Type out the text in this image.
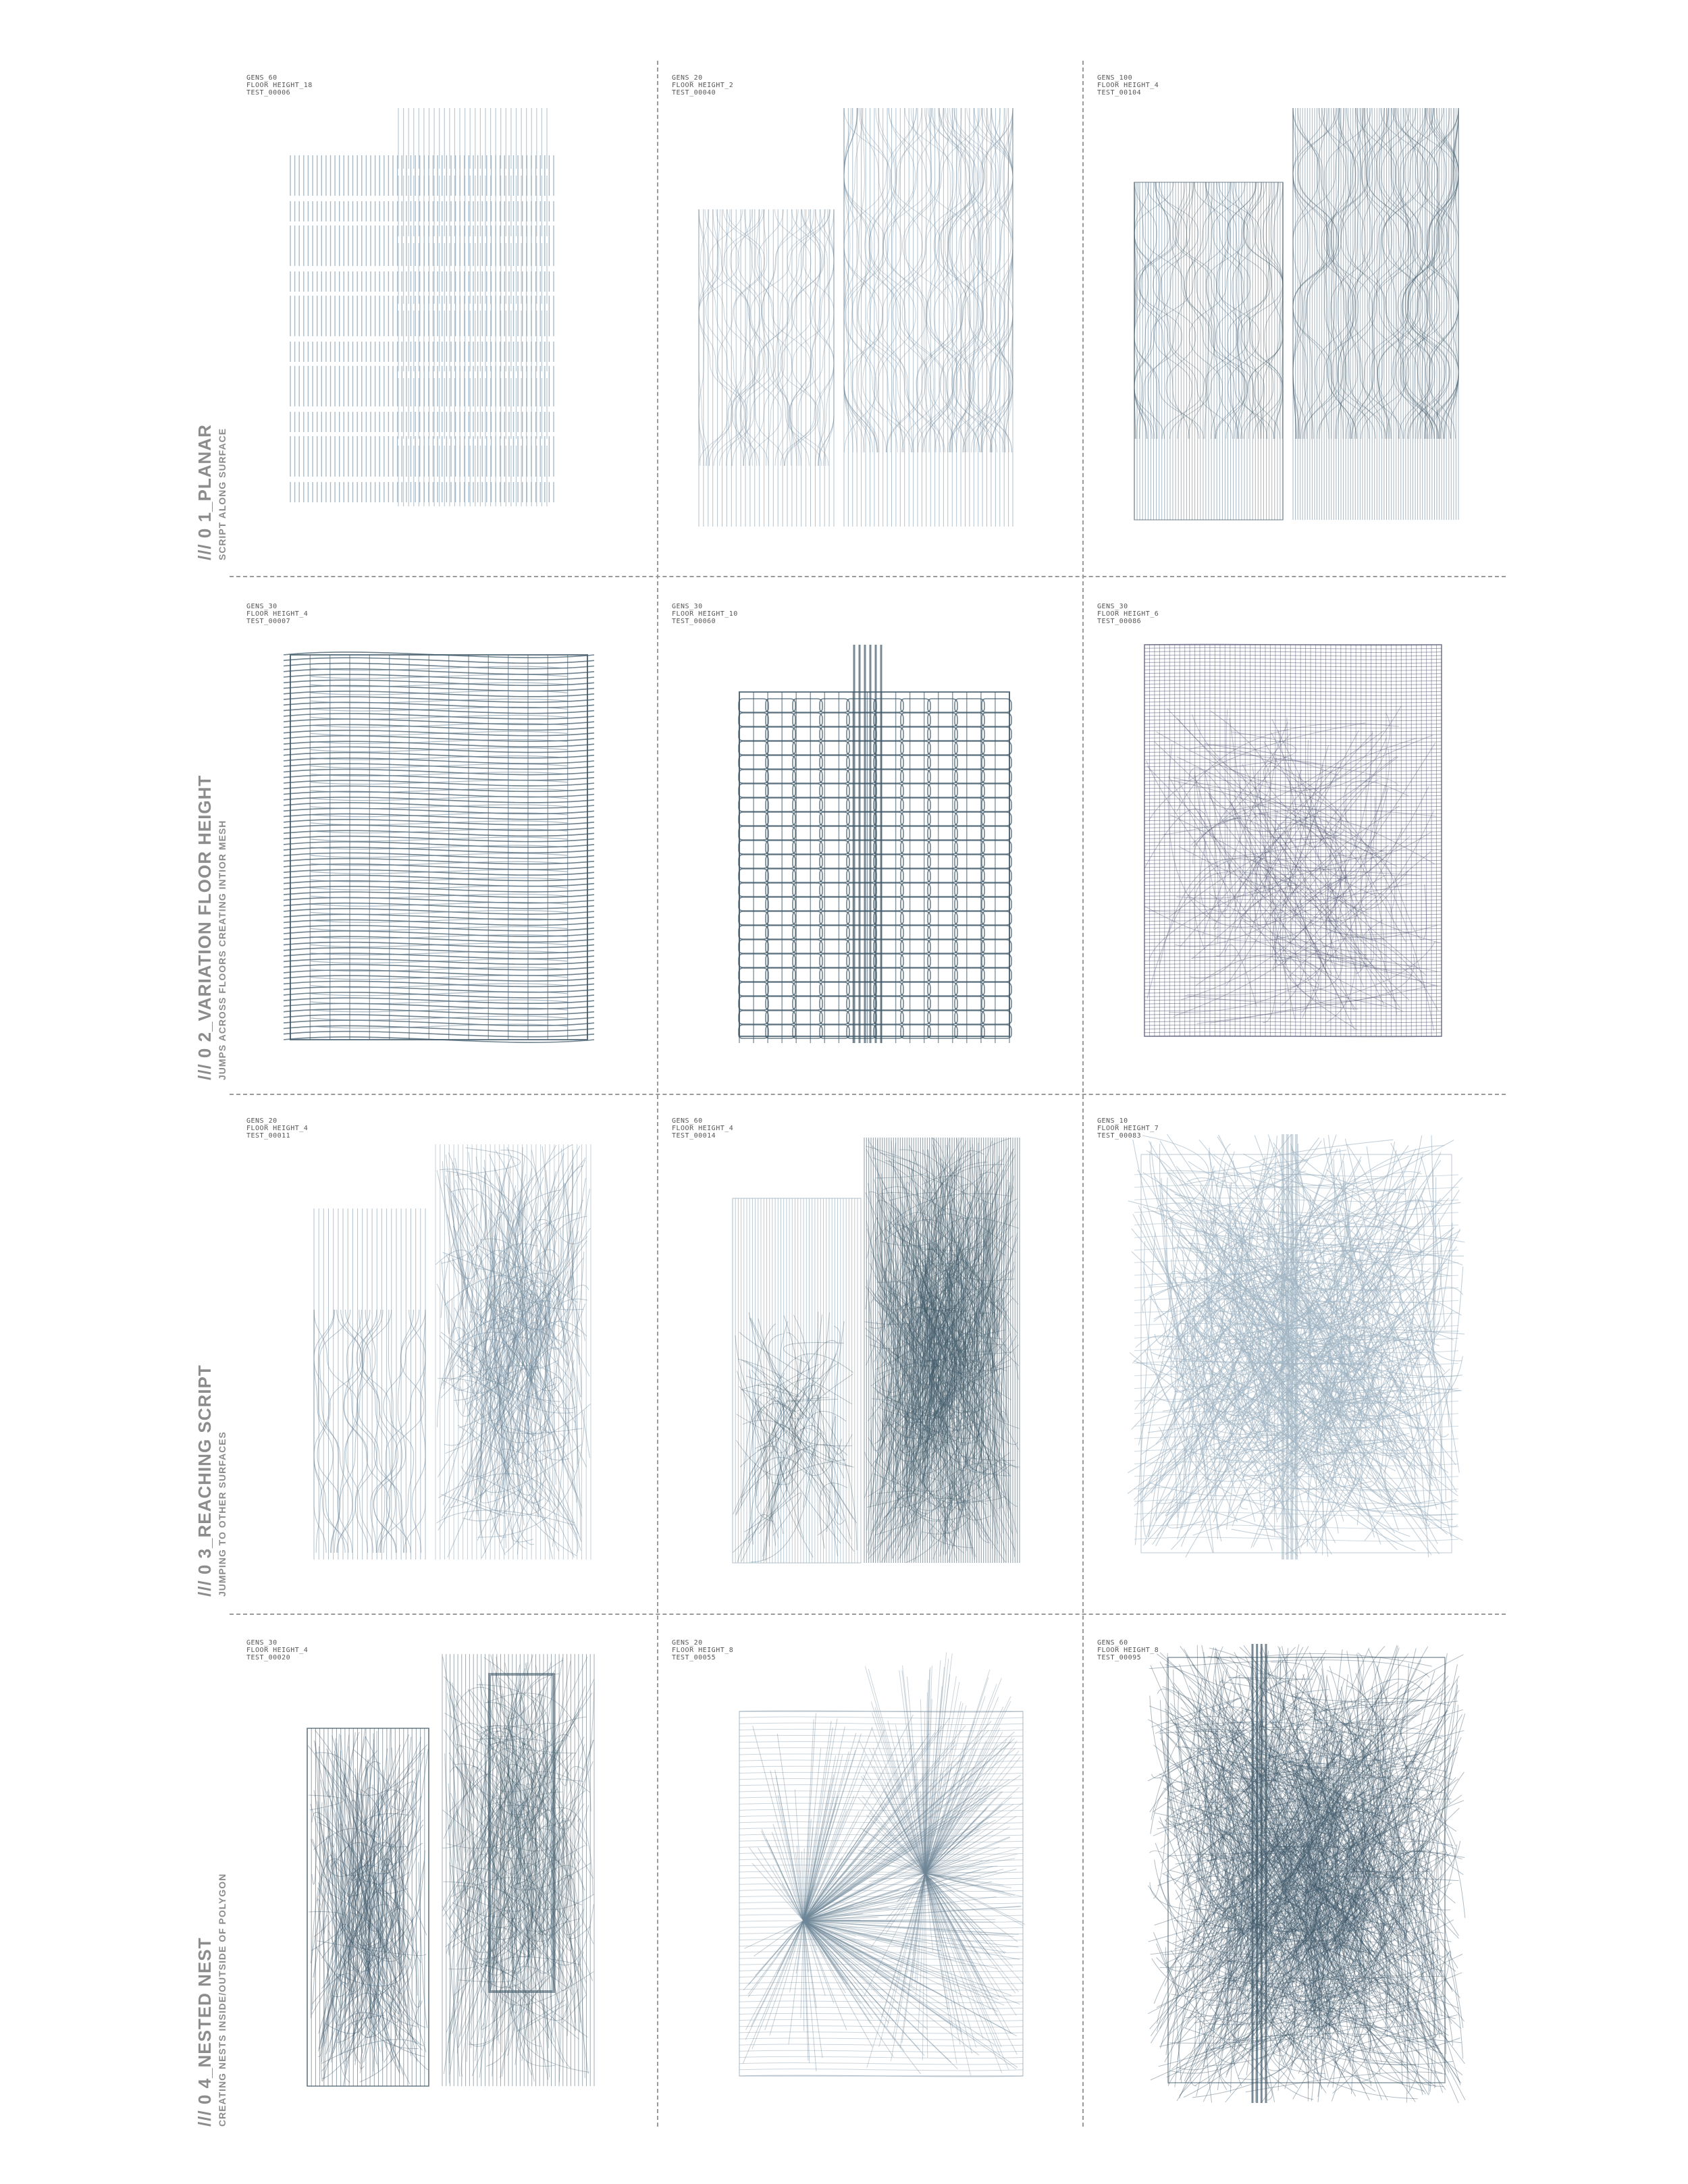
/// 0 1_PLANAR SCRIPT ALONG SURFACE
/// 0 2_VARIATION FLOOR HEIGHT JUMPS ACROSS FLOORS CREATING INTIOR MESH
/// 0 3_REACHING SCRIPT JUMPING TO OTHER SURFACES
/// 0 4_NESTED NEST CREATING NESTS INSIDE/OUTSIDE OF POLYGON
GENS_60
FLOOR HEIGHT_18
TEST_00006
GENS_20
FLOOR HEIGHT_2
TEST_00040
GENS_100
FLOOR HEIGHT_4
TEST_00104
GENS_30
FLOOR HEIGHT_4
TEST_00007
GENS_30
FLOOR HEIGHT_10
TEST_00060
GENS_30
FLOOR HEIGHT_6
TEST_00086
GENS_20
FLOOR HEIGHT_4
TEST_00011
GENS_60
FLOOR HEIGHT_4
TEST_00014
GENS_10
FLOOR HEIGHT_7
TEST_00083
GENS_30
FLOOR HEIGHT_4
TEST_00020
GENS_20
FLOOR HEIGHT_8
TEST_00055
GENS_60
FLOOR HEIGHT_8
TEST_00095
